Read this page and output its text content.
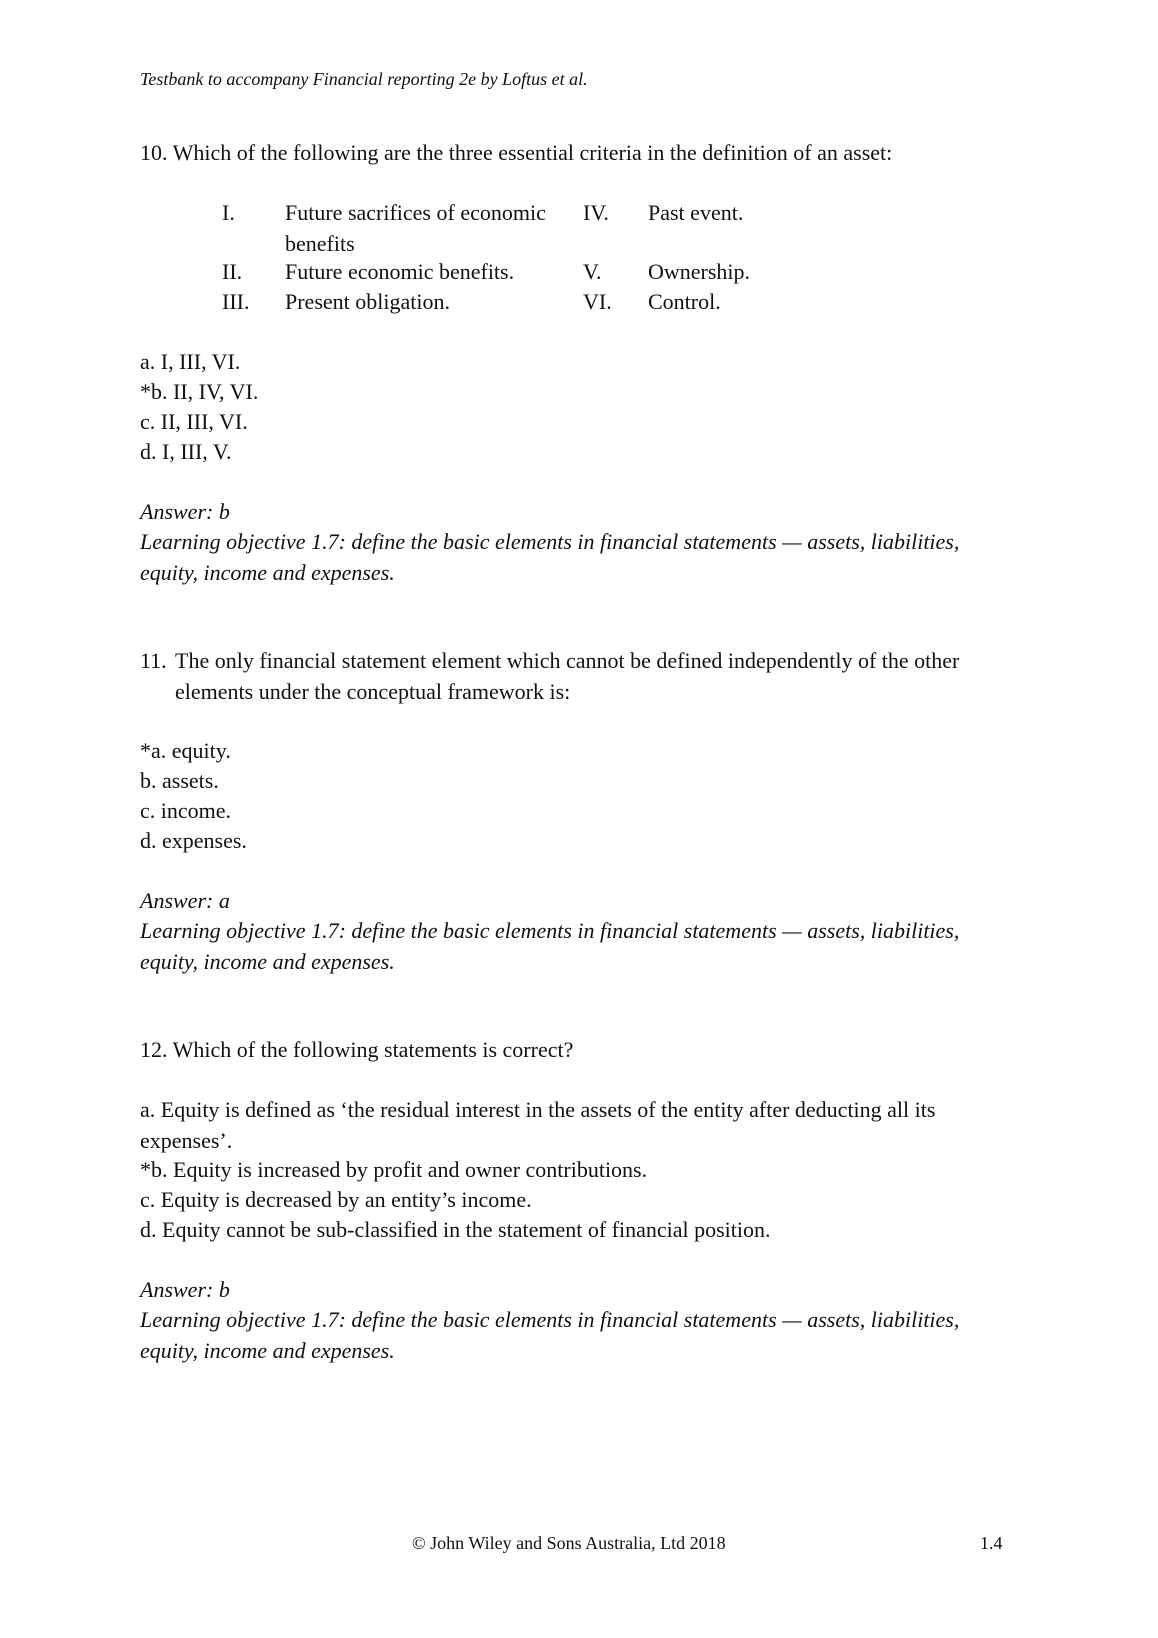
Testbank to accompany Financial reporting 2e by Loftus et al.
10. Which of the following are the three essential criteria in the definition of an asset:
I. Future sacrifices of economic benefits
II. Future economic benefits.
III. Present obligation.
IV. Past event.
V. Ownership.
VI. Control.
a. I, III, VI.
*b. II, IV, VI.
c. II, III, VI.
d. I, III, V.
Answer: b
Learning objective 1.7: define the basic elements in financial statements — assets, liabilities, equity, income and expenses.
11. The only financial statement element which cannot be defined independently of the other elements under the conceptual framework is:
*a. equity.
b. assets.
c. income.
d. expenses.
Answer: a
Learning objective 1.7: define the basic elements in financial statements — assets, liabilities, equity, income and expenses.
12. Which of the following statements is correct?
a. Equity is defined as ‘the residual interest in the assets of the entity after deducting all its expenses’.
*b. Equity is increased by profit and owner contributions.
c. Equity is decreased by an entity’s income.
d. Equity cannot be sub-classified in the statement of financial position.
Answer: b
Learning objective 1.7: define the basic elements in financial statements — assets, liabilities, equity, income and expenses.
© John Wiley and Sons Australia, Ltd 2018	1.4
